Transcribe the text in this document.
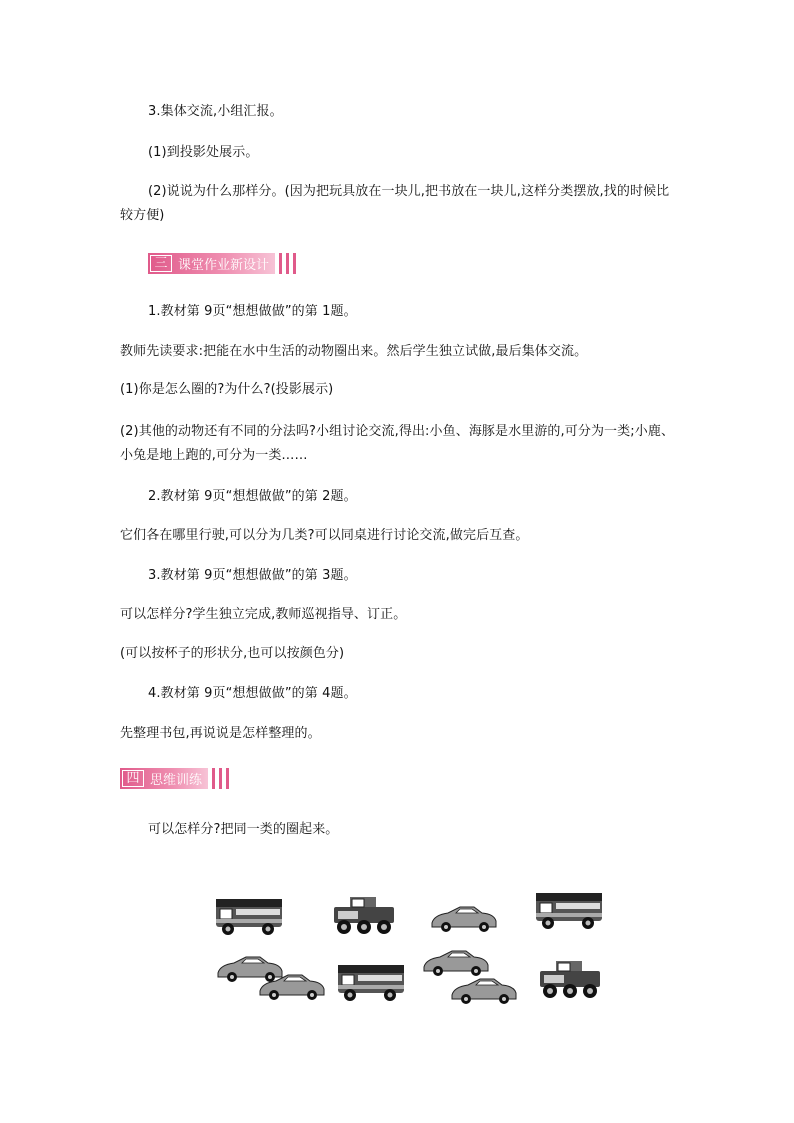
3.集体交流,小组汇报。
(1)到投影处展示。
(2)说说为什么那样分。(因为把玩具放在一块儿,把书放在一块儿,这样分类摆放,找的时候比较方便)
三 课堂作业新设计
1.教材第 9页“想想做做”的第 1题。
教师先读要求:把能在水中生活的动物圈出来。然后学生独立试做,最后集体交流。
(1)你是怎么圈的?为什么?(投影展示)
(2)其他的动物还有不同的分法吗?小组讨论交流,得出:小鱼、海豚是水里游的,可分为一类;小鹿、小兔是地上跑的,可分为一类……
2.教材第 9页“想想做做”的第 2题。
它们各在哪里行驶,可以分为几类?可以同桌进行讨论交流,做完后互查。
3.教材第 9页“想想做做”的第 3题。
可以怎样分?学生独立完成,教师巡视指导、订正。
(可以按杯子的形状分,也可以按颜色分)
4.教材第 9页“想想做做”的第 4题。
先整理书包,再说说是怎样整理的。
四 思维训练
可以怎样分?把同一类的圈起来。
